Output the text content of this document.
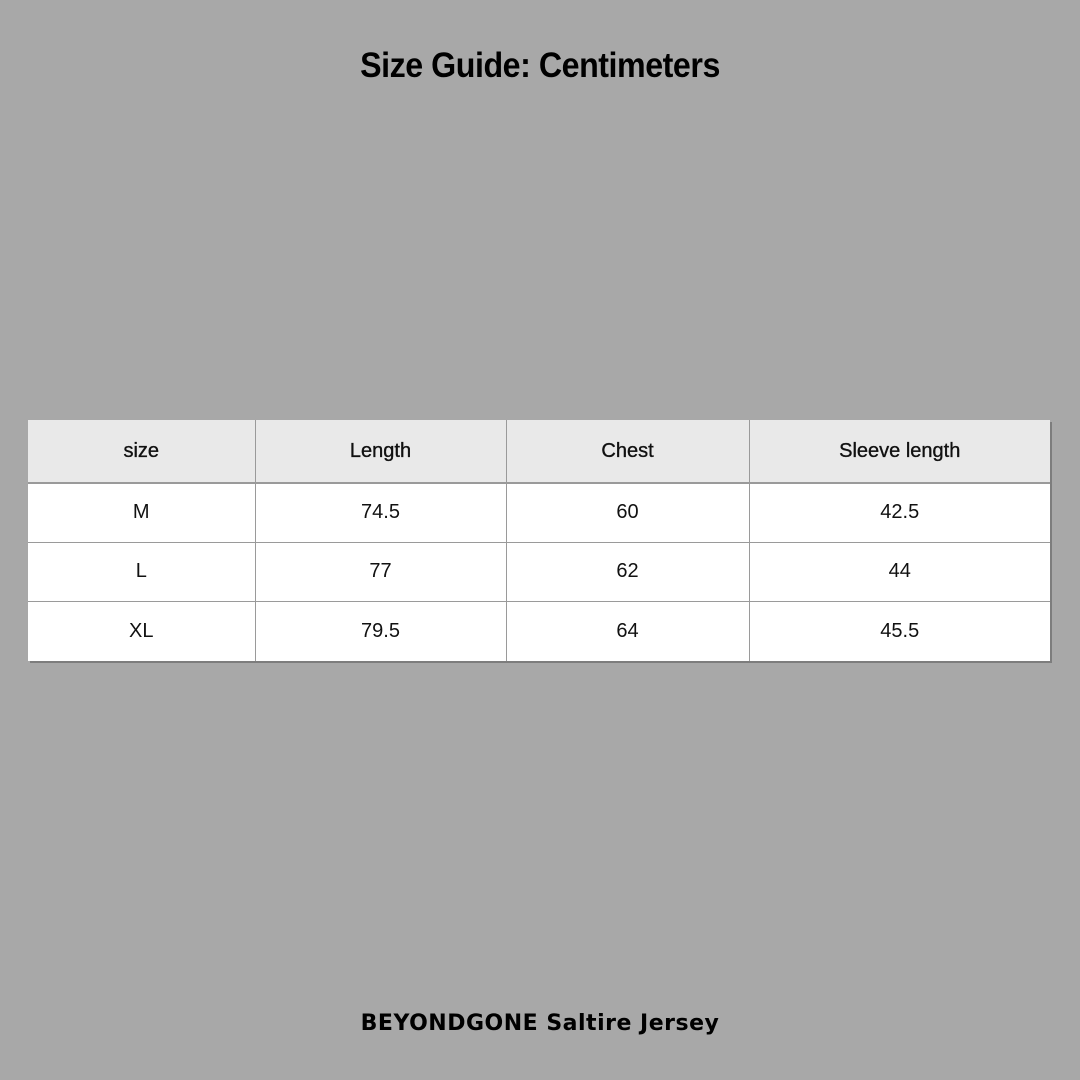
Size Guide: Centimeters
size	Length	Chest	Sleeve length
M	74.5	60	42.5
L	77	62	44
XL	79.5	64	45.5

BEYONDGONE Saltire Jersey
